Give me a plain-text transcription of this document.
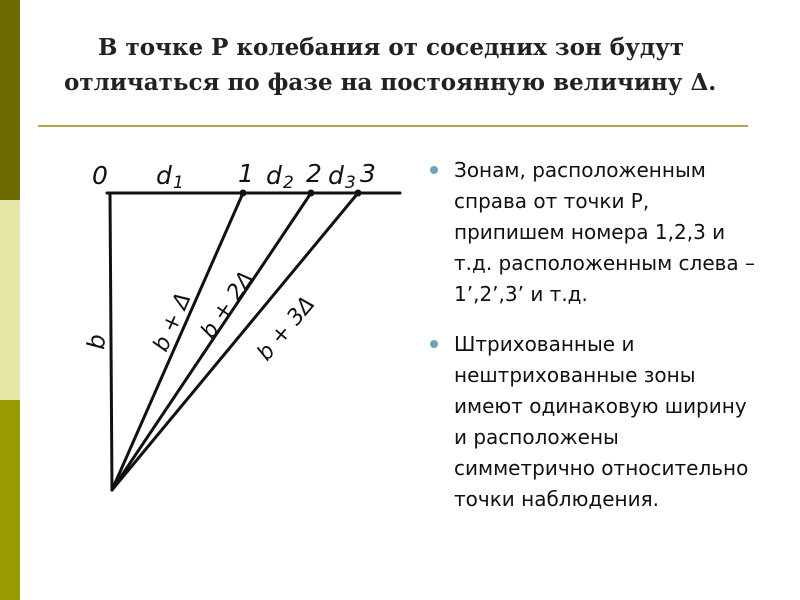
В точке Р колебания от соседних зон будут
отличаться по фазе на постоянную величину Δ.
0 d 1 1 d 2 2 d 3 3
b b + Δ b + 2Δ
b + 3Δ
Зонам, расположенным справа от точки Р, припишем номера 1,2,3 и т.д. расположенным слева – 1’,2’,3’ и т.д.
Штрихованные и нештрихованные зоны имеют одинаковую ширину и расположены симметрично относительно точки наблюдения.
